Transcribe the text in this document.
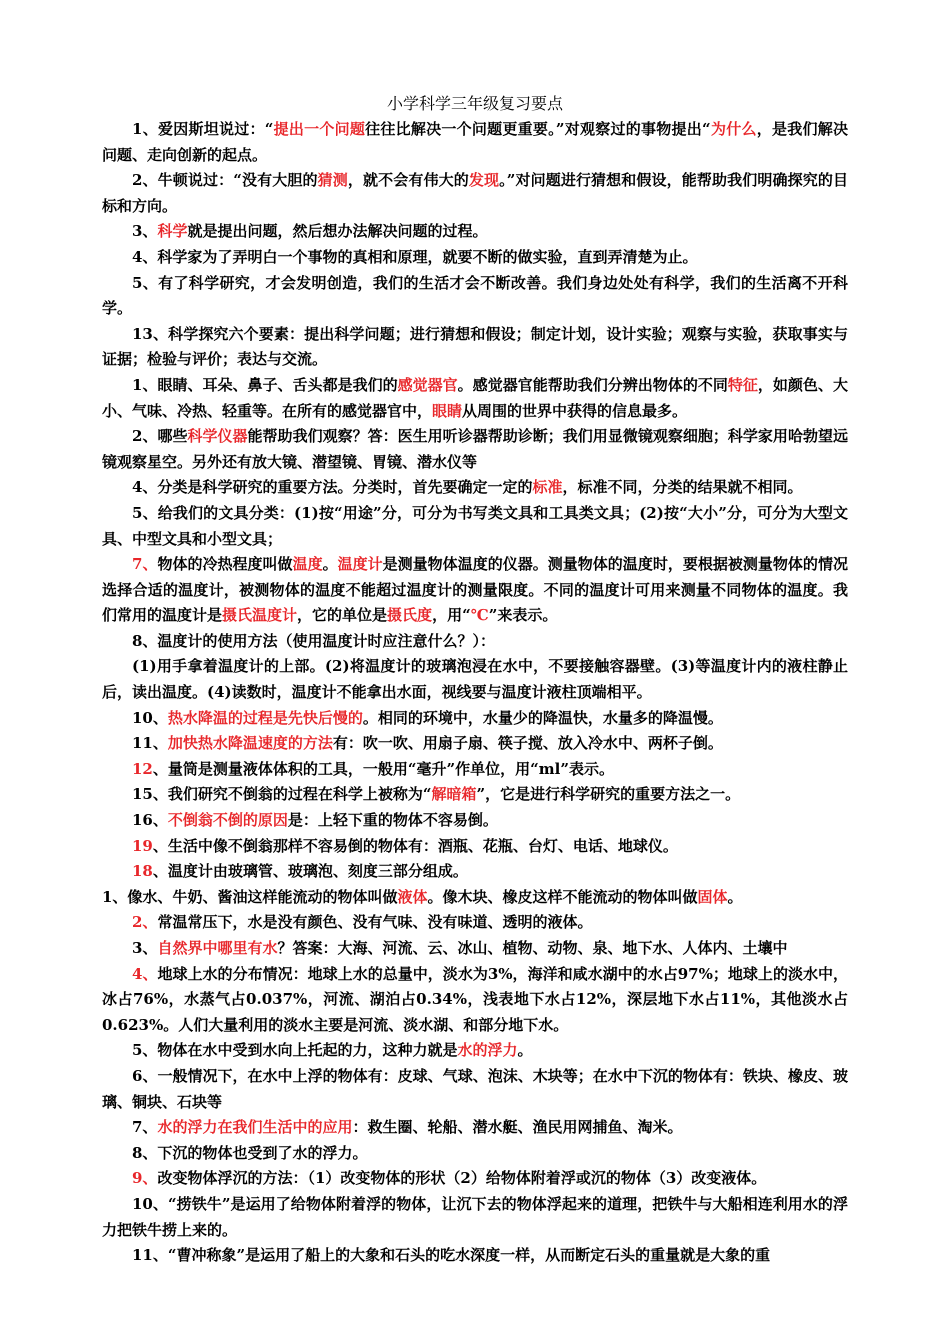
小学科学三年级复习要点

1、爱因斯坦说过：“提出一个问题往往比解决一个问题更重要。”对观察过的事物提出“为什么，是我们解决问题、走向创新的起点。

2、牛顿说过：“没有大胆的猜测，就不会有伟大的发现。”对问题进行猜想和假设，能帮助我们明确探究的目标和方向。

3、科学就是提出问题，然后想办法解决问题的过程。

4、科学家为了弄明白一个事物的真相和原理，就要不断的做实验，直到弄清楚为止。

5、有了科学研究，才会发明创造，我们的生活才会不断改善。我们身边处处有科学，我们的生活离不开科学。

13、科学探究六个要素：提出科学问题；进行猜想和假设；制定计划，设计实验；观察与实验，获取事实与证据；检验与评价；表达与交流。

1、眼睛、耳朵、鼻子、舌头都是我们的感觉器官。感觉器官能帮助我们分辨出物体的不同特征，如颜色、大小、气味、冷热、轻重等。在所有的感觉器官中，眼睛从周围的世界中获得的信息最多。

2、哪些科学仪器能帮助我们观察？答：医生用听诊器帮助诊断；我们用显微镜观察细胞；科学家用哈勃望远镜观察星空。另外还有放大镜、潜望镜、胃镜、潜水仪等

4、分类是科学研究的重要方法。分类时，首先要确定一定的标准，标准不同，分类的结果就不相同。

5、给我们的文具分类：(1)按“用途”分，可分为书写类文具和工具类文具；(2)按“大小”分，可分为大型文具、中型文具和小型文具；

7、物体的冷热程度叫做温度。温度计是测量物体温度的仪器。测量物体的温度时，要根据被测量物体的情况选择合适的温度计，被测物体的温度不能超过温度计的测量限度。不同的温度计可用来测量不同物体的温度。我们常用的温度计是摄氏温度计，它的单位是摄氏度，用“℃”来表示。

8、温度计的使用方法（使用温度计时应注意什么？）：

(1)用手拿着温度计的上部。(2)将温度计的玻璃泡浸在水中，不要接触容器壁。(3)等温度计内的液柱静止后，读出温度。(4)读数时，温度计不能拿出水面，视线要与温度计液柱顶端相平。

10、热水降温的过程是先快后慢的。相同的环境中，水量少的降温快，水量多的降温慢。

11、加快热水降温速度的方法有：吹一吹、用扇子扇、筷子搅、放入冷水中、两杯子倒。

12、量筒是测量液体体积的工具，一般用“毫升”作单位，用“ml”表示。

15、我们研究不倒翁的过程在科学上被称为“解暗箱”，它是进行科学研究的重要方法之一。

16、不倒翁不倒的原因是：上轻下重的物体不容易倒。

19、生活中像不倒翁那样不容易倒的物体有：酒瓶、花瓶、台灯、电话、地球仪。

18、温度计由玻璃管、玻璃泡、刻度三部分组成。

1、像水、牛奶、酱油这样能流动的物体叫做液体。像木块、橡皮这样不能流动的物体叫做固体。

2、常温常压下，水是没有颜色、没有气味、没有味道、透明的液体。

3、自然界中哪里有水？答案：大海、河流、云、冰山、植物、动物、泉、地下水、人体内、土壤中

4、地球上水的分布情况：地球上水的总量中，淡水为3%，海洋和咸水湖中的水占97%；地球上的淡水中，冰占76%，水蒸气占0.037%，河流、湖泊占0.34%，浅表地下水占12%，深层地下水占11%，其他淡水占0.623%。人们大量利用的淡水主要是河流、淡水湖、和部分地下水。

5、物体在水中受到水向上托起的力，这种力就是水的浮力。

6、一般情况下，在水中上浮的物体有：皮球、气球、泡沫、木块等；在水中下沉的物体有：铁块、橡皮、玻璃、铜块、石块等

7、水的浮力在我们生活中的应用：救生圈、轮船、潜水艇、渔民用网捕鱼、淘米。

8、下沉的物体也受到了水的浮力。

9、改变物体浮沉的方法：（1）改变物体的形状（2）给物体附着浮或沉的物体（3）改变液体。

10、“捞铁牛”是运用了给物体附着浮的物体，让沉下去的物体浮起来的道理，把铁牛与大船相连利用水的浮力把铁牛捞上来的。

11、“曹冲称象”是运用了船上的大象和石头的吃水深度一样，从而断定石头的重量就是大象的重
